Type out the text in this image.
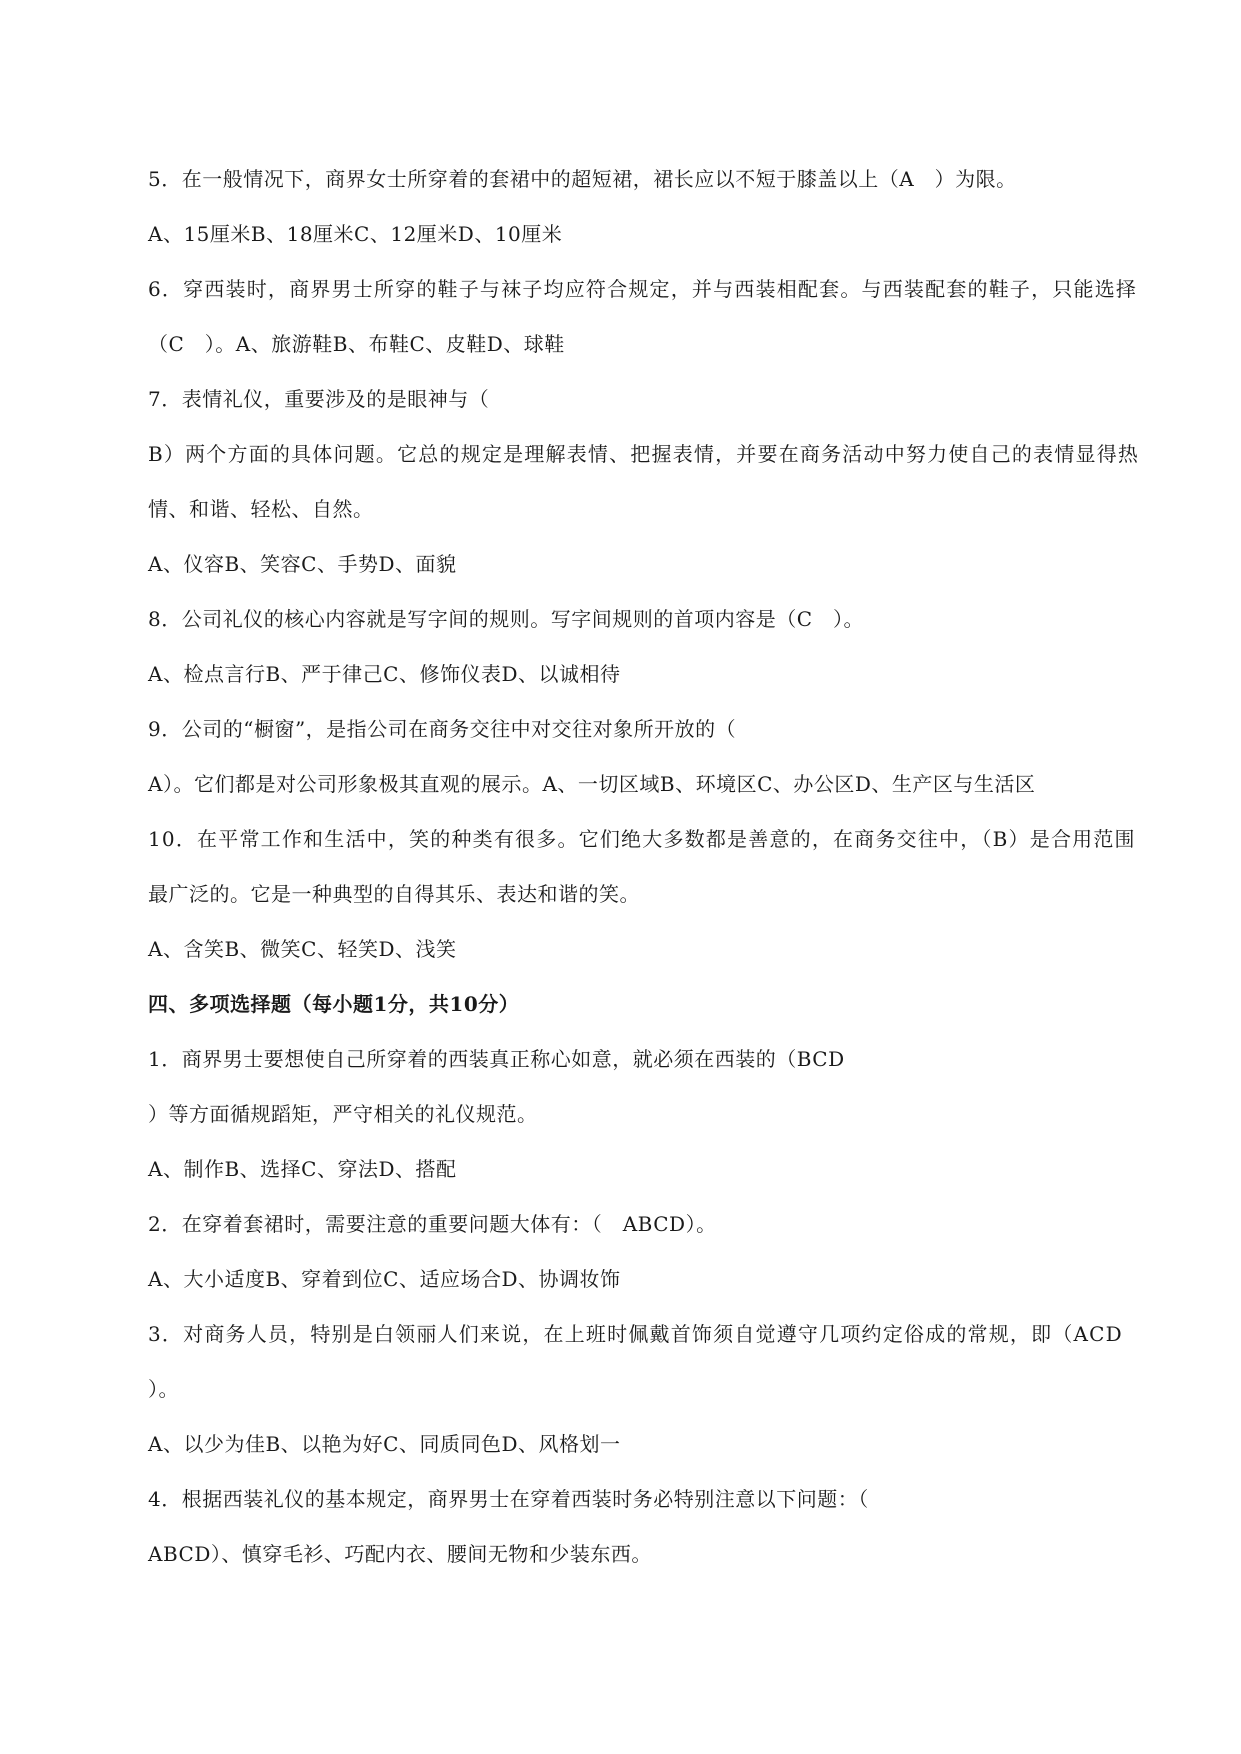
5．在一般情况下，商界女士所穿着的套裙中的超短裙，裙长应以不短于膝盖以上（A　）为限。
A、15厘米B、18厘米C、12厘米D、10厘米
6．穿西装时，商界男士所穿的鞋子与袜子均应符合规定，并与西装相配套。与西装配套的鞋子，只能选择
（C　）。A、旅游鞋B、布鞋C、皮鞋D、球鞋
7．表情礼仪，重要涉及的是眼神与（
B）两个方面的具体问题。它总的规定是理解表情、把握表情，并要在商务活动中努力使自己的表情显得热
情、和谐、轻松、自然。
A、仪容B、笑容C、手势D、面貌
8．公司礼仪的核心内容就是写字间的规则。写字间规则的首项内容是（C　）。
A、检点言行B、严于律己C、修饰仪表D、以诚相待
9．公司的“橱窗”，是指公司在商务交往中对交往对象所开放的（
A）。它们都是对公司形象极其直观的展示。A、一切区域B、环境区C、办公区D、生产区与生活区
10．在平常工作和生活中，笑的种类有很多。它们绝大多数都是善意的，在商务交往中，（B）是合用范围
最广泛的。它是一种典型的自得其乐、表达和谐的笑。
A、含笑B、微笑C、轻笑D、浅笑
四、多项选择题（每小题1分，共10分）
1．商界男士要想使自己所穿着的西装真正称心如意，就必须在西装的（BCD
）等方面循规蹈矩，严守相关的礼仪规范。
A、制作B、选择C、穿法D、搭配
2．在穿着套裙时，需要注意的重要问题大体有：（　ABCD）。
A、大小适度B、穿着到位C、适应场合D、协调妆饰
3．对商务人员，特别是白领丽人们来说，在上班时佩戴首饰须自觉遵守几项约定俗成的常规，即（ACD
）。
A、以少为佳B、以艳为好C、同质同色D、风格划一
4．根据西装礼仪的基本规定，商界男士在穿着西装时务必特别注意以下问题：（
ABCD）、慎穿毛衫、巧配内衣、腰间无物和少装东西。
